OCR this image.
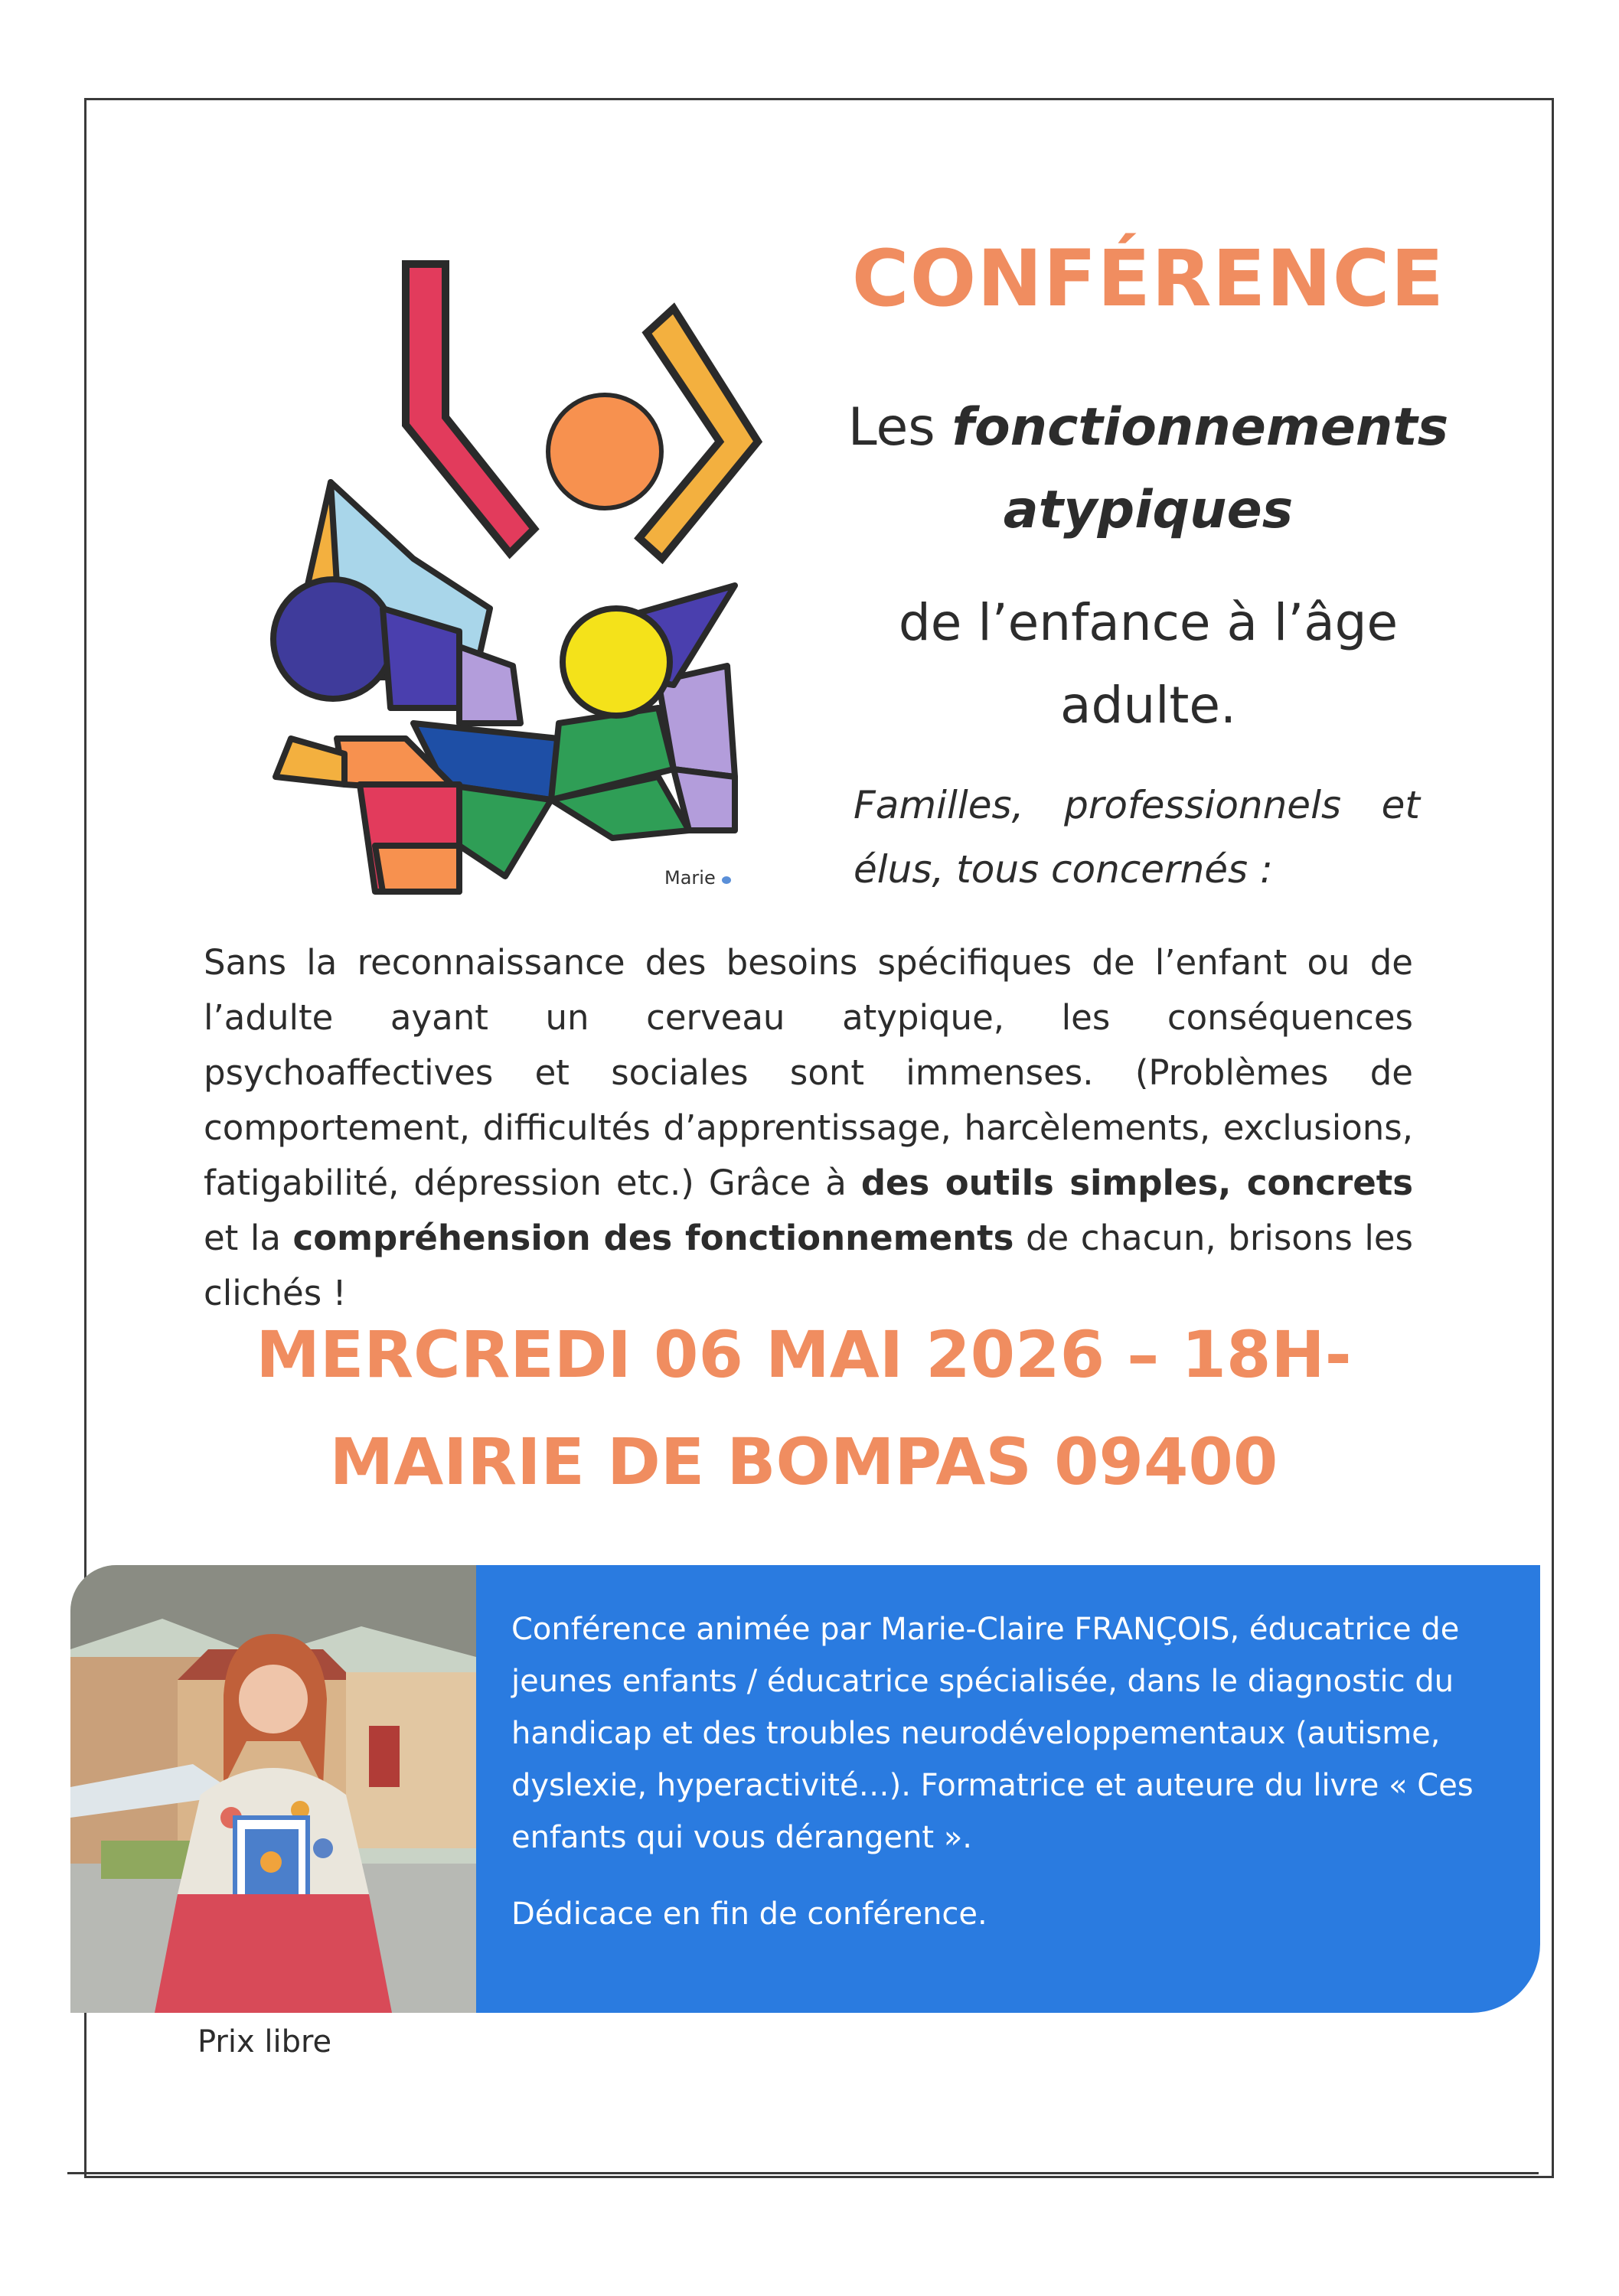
Marie
CONFÉRENCE
Les fonctionnements atypiques
de l’enfance à l’âge adulte.
Familles, professionnels et élus, tous concernés :
Sans la reconnaissance des besoins spécifiques de l’enfant ou de l’adulte ayant un cerveau atypique, les conséquences psychoaffectives et sociales sont immenses. (Problèmes de comportement, difficultés d’apprentissage, harcèlements, exclusions, fatigabilité, dépression etc.) Grâce à des outils simples, concrets et la compréhension des fonctionnements de chacun, brisons les clichés !
MERCREDI 06 MAI 2026 – 18H-
MAIRIE DE BOMPAS 09400

Conférence animée par Marie-Claire FRANÇOIS, éducatrice de jeunes enfants / éducatrice spécialisée, dans le diagnostic du handicap et des troubles neurodéveloppementaux (autisme, dyslexie, hyperactivité…). Formatrice et auteure du livre « Ces enfants qui vous dérangent ».

Dédicace en fin de conférence.

Prix libre
